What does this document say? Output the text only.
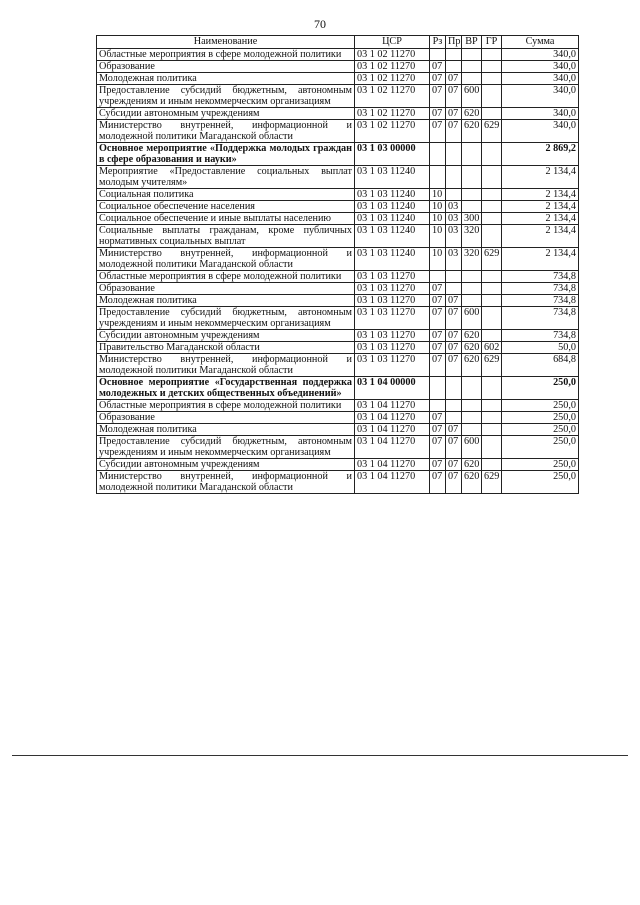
70
Наименование	ЦСР	Рз	Пр	ВР	ГР	Сумма
Областные мероприятия в сфере молодежной политики	03 1 02 11270					340,0
Образование	03 1 02 11270	07				340,0
Молодежная политика	03 1 02 11270	07	07			340,0
Предоставление субсидий бюджетным, автономным учреждениям и иным некоммерческим организациям	03 1 02 11270	07	07	600		340,0
Субсидии автономным учреждениям	03 1 02 11270	07	07	620		340,0
Министерство внутренней, информационной и молодежной политики Магаданской области	03 1 02 11270	07	07	620	629	340,0
Основное мероприятие «Поддержка молодых граждан в сфере образования и науки»	03 1 03 00000					2 869,2
Мероприятие «Предоставление социальных выплат молодым учителям»	03 1 03 11240					2 134,4
Социальная политика	03 1 03 11240	10				2 134,4
Социальное обеспечение населения	03 1 03 11240	10	03			2 134,4
Социальное обеспечение и иные выплаты населению	03 1 03 11240	10	03	300		2 134,4
Социальные выплаты гражданам, кроме публичных нормативных социальных выплат	03 1 03 11240	10	03	320		2 134,4
Министерство внутренней, информационной и молодежной политики Магаданской области	03 1 03 11240	10	03	320	629	2 134,4
Областные мероприятия в сфере молодежной политики	03 1 03 11270					734,8
Образование	03 1 03 11270	07				734,8
Молодежная политика	03 1 03 11270	07	07			734,8
Предоставление субсидий бюджетным, автономным учреждениям и иным некоммерческим организациям	03 1 03 11270	07	07	600		734,8
Субсидии автономным учреждениям	03 1 03 11270	07	07	620		734,8
Правительство Магаданской области	03 1 03 11270	07	07	620	602	50,0
Министерство внутренней, информационной и молодежной политики Магаданской области	03 1 03 11270	07	07	620	629	684,8
Основное мероприятие «Государственная поддержка молодежных и детских общественных объединений»	03 1 04 00000					250,0
Областные мероприятия в сфере молодежной политики	03 1 04 11270					250,0
Образование	03 1 04 11270	07				250,0
Молодежная политика	03 1 04 11270	07	07			250,0
Предоставление субсидий бюджетным, автономным учреждениям и иным некоммерческим организациям	03 1 04 11270	07	07	600		250,0
Субсидии автономным учреждениям	03 1 04 11270	07	07	620		250,0
Министерство внутренней, информационной и молодежной политики Магаданской области	03 1 04 11270	07	07	620	629	250,0
